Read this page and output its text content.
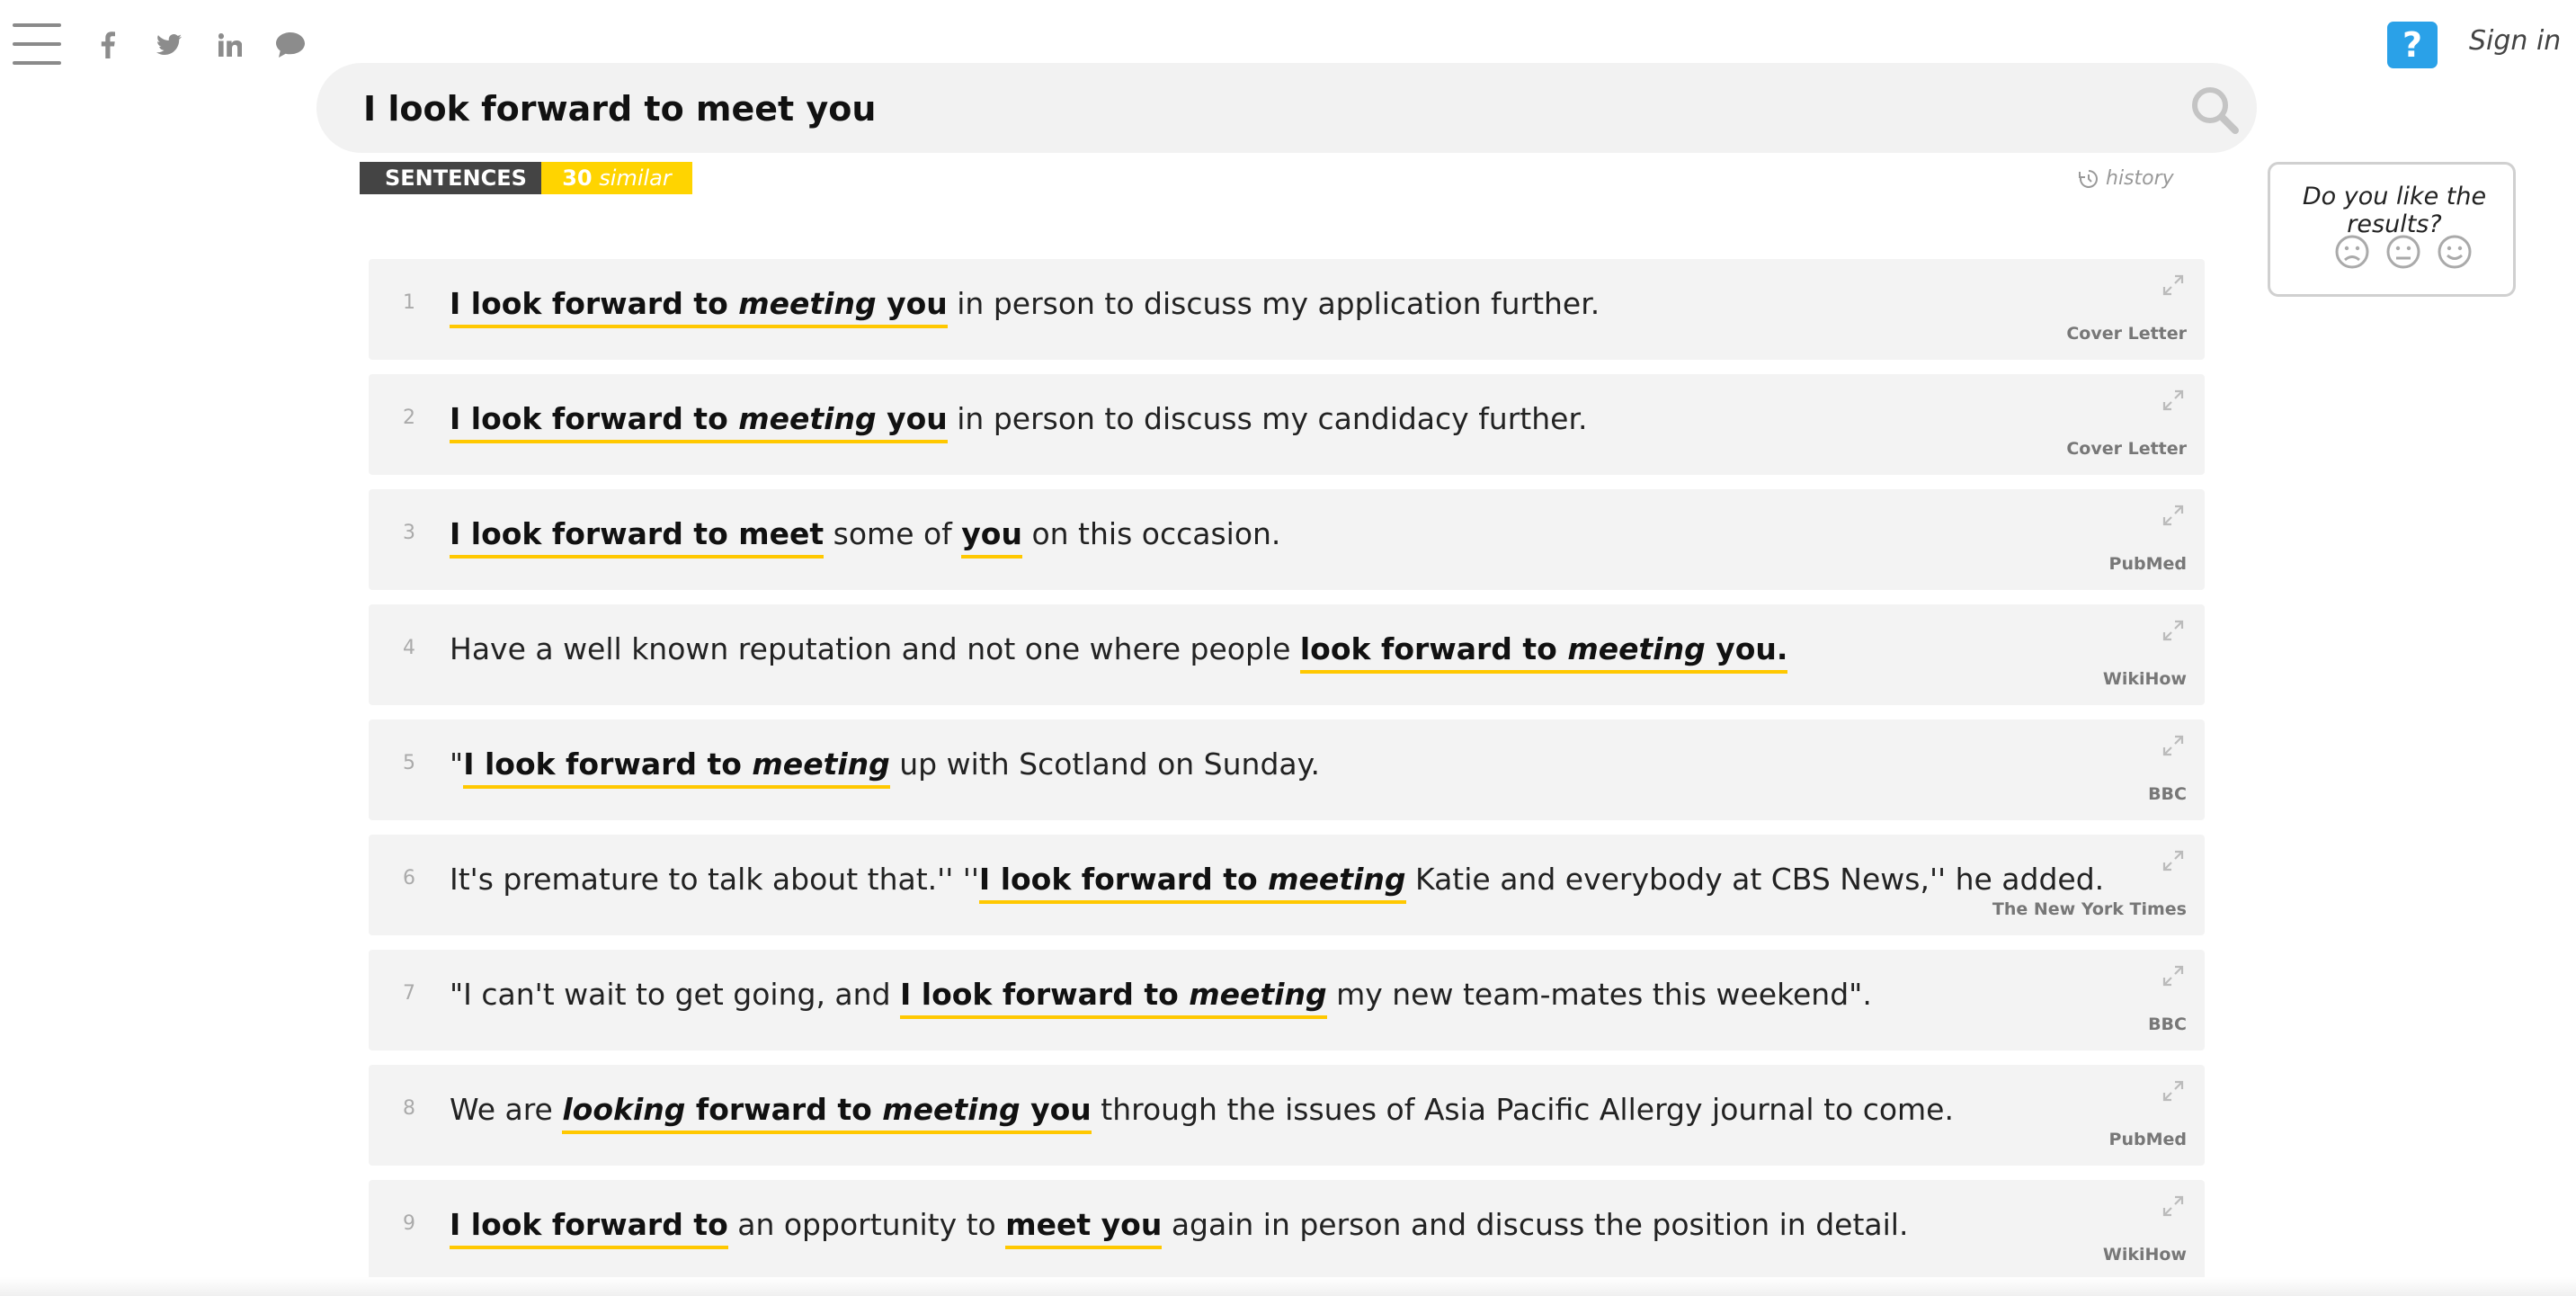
?	Sign in
I look forward to meet you
SENTENCES	30 similar	history
Do you like the results?
1 I look forward to meeting you in person to discuss my application further.
Cover Letter
2 I look forward to meeting you in person to discuss my candidacy further.
Cover Letter
3 I look forward to meet some of you on this occasion.
PubMed
4 Have a well known reputation and not one where people look forward to meeting you.
WikiHow
5 "I look forward to meeting up with Scotland on Sunday.
BBC
6 It's premature to talk about that.'' ''I look forward to meeting Katie and everybody at CBS News,'' he added.
The New York Times
7 "I can't wait to get going, and I look forward to meeting my new team-mates this weekend".
BBC
8 We are looking forward to meeting you through the issues of Asia Pacific Allergy journal to come.
PubMed
9 I look forward to an opportunity to meet you again in person and discuss the position in detail.
WikiHow
